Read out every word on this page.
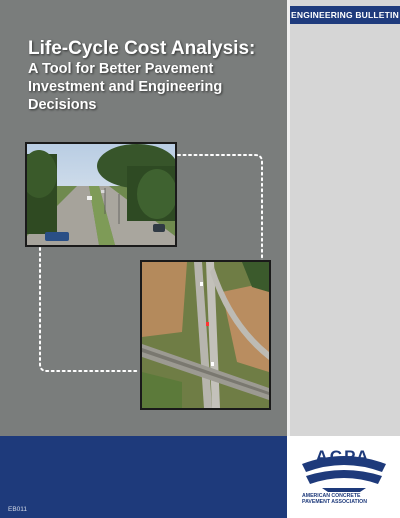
ENGINEERING BULLETIN
Life-Cycle Cost Analysis:
A Tool for Better Pavement
Investment and Engineering
Decisions
ACPA
AMERICAN CONCRETE
PAVEMENT ASSOCIATION
EB011
